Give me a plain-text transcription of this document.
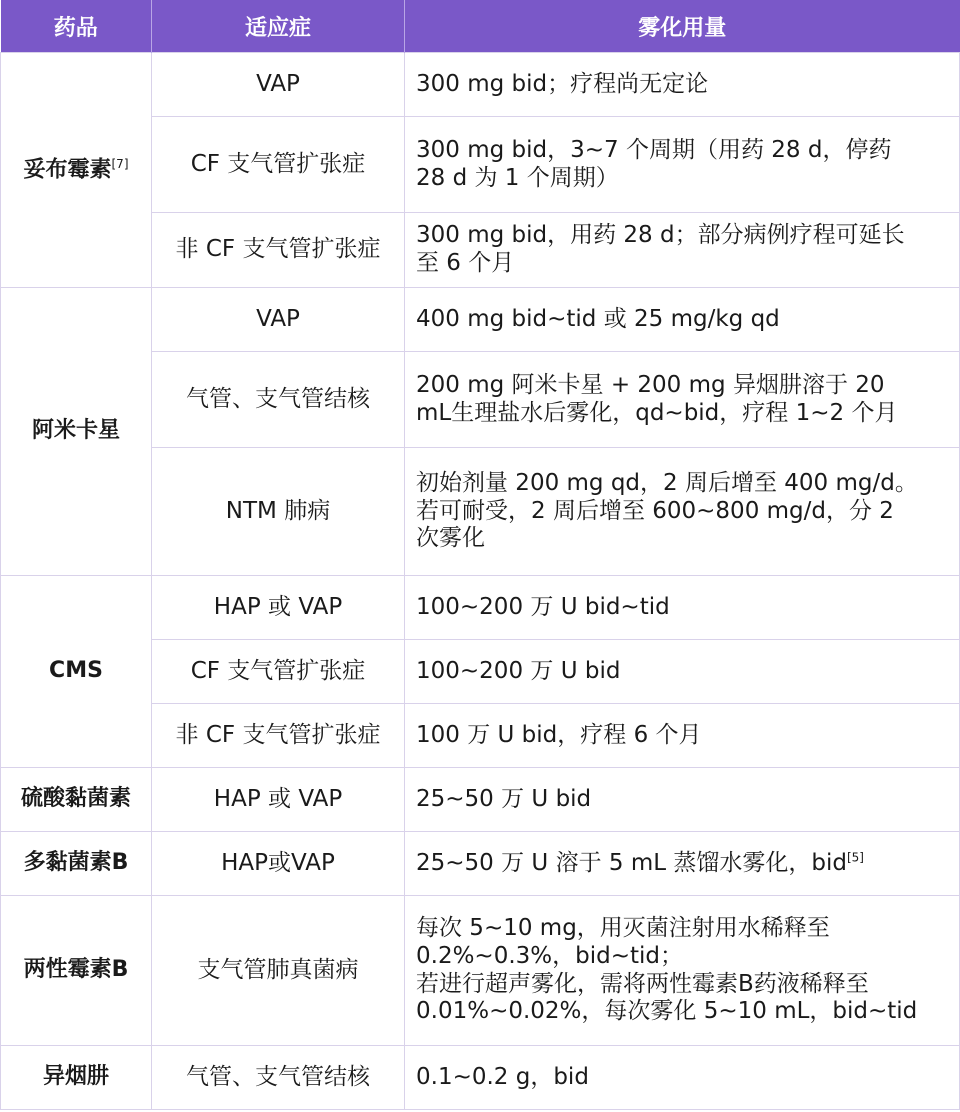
药品	适应症	雾化用量
妥布霉素[7]	VAP	300 mg bid；疗程尚无定论

	CF 支气管扩张症	300 mg bid，3~7 个周期（用药 28 d，停药
28 d 为 1 个周期）

	非 CF 支气管扩张症	300 mg bid，用药 28 d；部分病例疗程可延长
至 6 个月

阿米卡星	VAP	400 mg bid~tid 或 25 mg/kg qd

	气管、支气管结核	200 mg 阿米卡星 + 200 mg 异烟肼溶于 20
mL生理盐水后雾化，qd~bid，疗程 1~2 个月

	NTM 肺病	初始剂量 200 mg qd，2 周后增至 400 mg/d。
若可耐受，2 周后增至 600~800 mg/d，分 2
次雾化

CMS	HAP 或 VAP	100~200 万 U bid~tid

	CF 支气管扩张症	100~200 万 U bid

	非 CF 支气管扩张症	100 万 U bid，疗程 6 个月

硫酸黏菌素	HAP 或 VAP	25~50 万 U bid

多黏菌素B	HAP或VAP	25~50 万 U 溶于 5 mL 蒸馏水雾化，bid[5]
两性霉素B	支气管肺真菌病	每次 5~10 mg，用灭菌注射用水稀释至
0.2%~0.3%，bid~tid；
若进行超声雾化，需将两性霉素B药液稀释至
0.01%~0.02%，每次雾化 5~10 mL，bid~tid

异烟肼	气管、支气管结核	0.1~0.2 g，bid
